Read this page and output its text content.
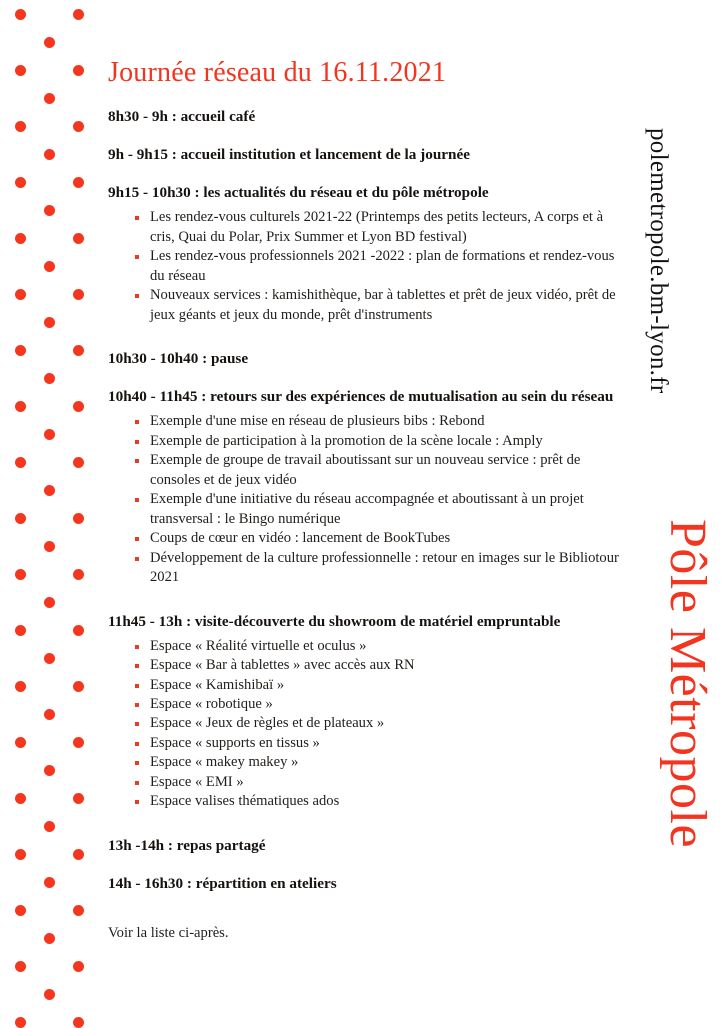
Journée réseau du 16.11.2021

8h30 - 9h : accueil café

9h - 9h15 : accueil institution et lancement de la journée

9h15 - 10h30 : les actualités du réseau et du pôle métropole

Les rendez-vous culturels 2021-22 (Printemps des petits lecteurs, A corps et à cris, Quai du Polar, Prix Summer et Lyon BD festival)
Les rendez-vous professionnels 2021 -2022 : plan de formations et rendez-vous du réseau
Nouveaux services : kamishithèque, bar à tablettes et prêt de jeux vidéo, prêt de jeux géants et jeux du monde, prêt d'instruments

10h30 - 10h40 : pause

10h40 - 11h45 : retours sur des expériences de mutualisation au sein du réseau

Exemple d'une mise en réseau de plusieurs bibs : Rebond
Exemple de participation à la promotion de la scène locale : Amply
Exemple de groupe de travail aboutissant sur un nouveau service : prêt de consoles et de jeux vidéo
Exemple d'une initiative du réseau accompagnée et aboutissant à un projet transversal : le Bingo numérique
Coups de cœur en vidéo : lancement de BookTubes
Développement de la culture professionnelle : retour en images sur le Bibliotour 2021

11h45 - 13h : visite-découverte du showroom de matériel empruntable

Espace « Réalité virtuelle et oculus »
Espace « Bar à tablettes » avec accès aux RN
Espace « Kamishibaï »
Espace « robotique »
Espace « Jeux de règles et de plateaux »
Espace « supports en tissus »
Espace « makey makey »
Espace « EMI »
Espace valises thématiques ados

13h -14h : repas partagé

14h - 16h30 : répartition en ateliers

Voir la liste ci-après.

polemetropole.bm-lyon.fr
Pôle Métropole
